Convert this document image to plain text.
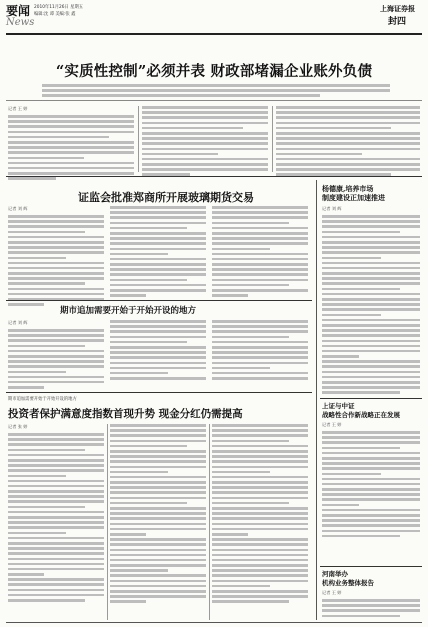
要闻
News
2010年11月26日 星期五
编辑:沈 谭 美编:张 鑫
上海证券报
封四
“实质性控制”必须并表 财政部堵漏企业账外负债
记者 王 婷
证监会批准郑商所开展玻璃期货交易
记者 刘 辉
杨德康,培养市场
制度建设正加速推进
记者 刘 辉
期市追加需要开始于开始开设的地方
记者 刘 辉
上证与中证
战略性合作新战略正在发展
记者 王 婷
期市追加需要开始于开始开设的地方
投资者保护满意度指数首现升势 现金分红仍需提高
记者 张 婷
河南举办
机构业务整体报告
记者 王 婷
